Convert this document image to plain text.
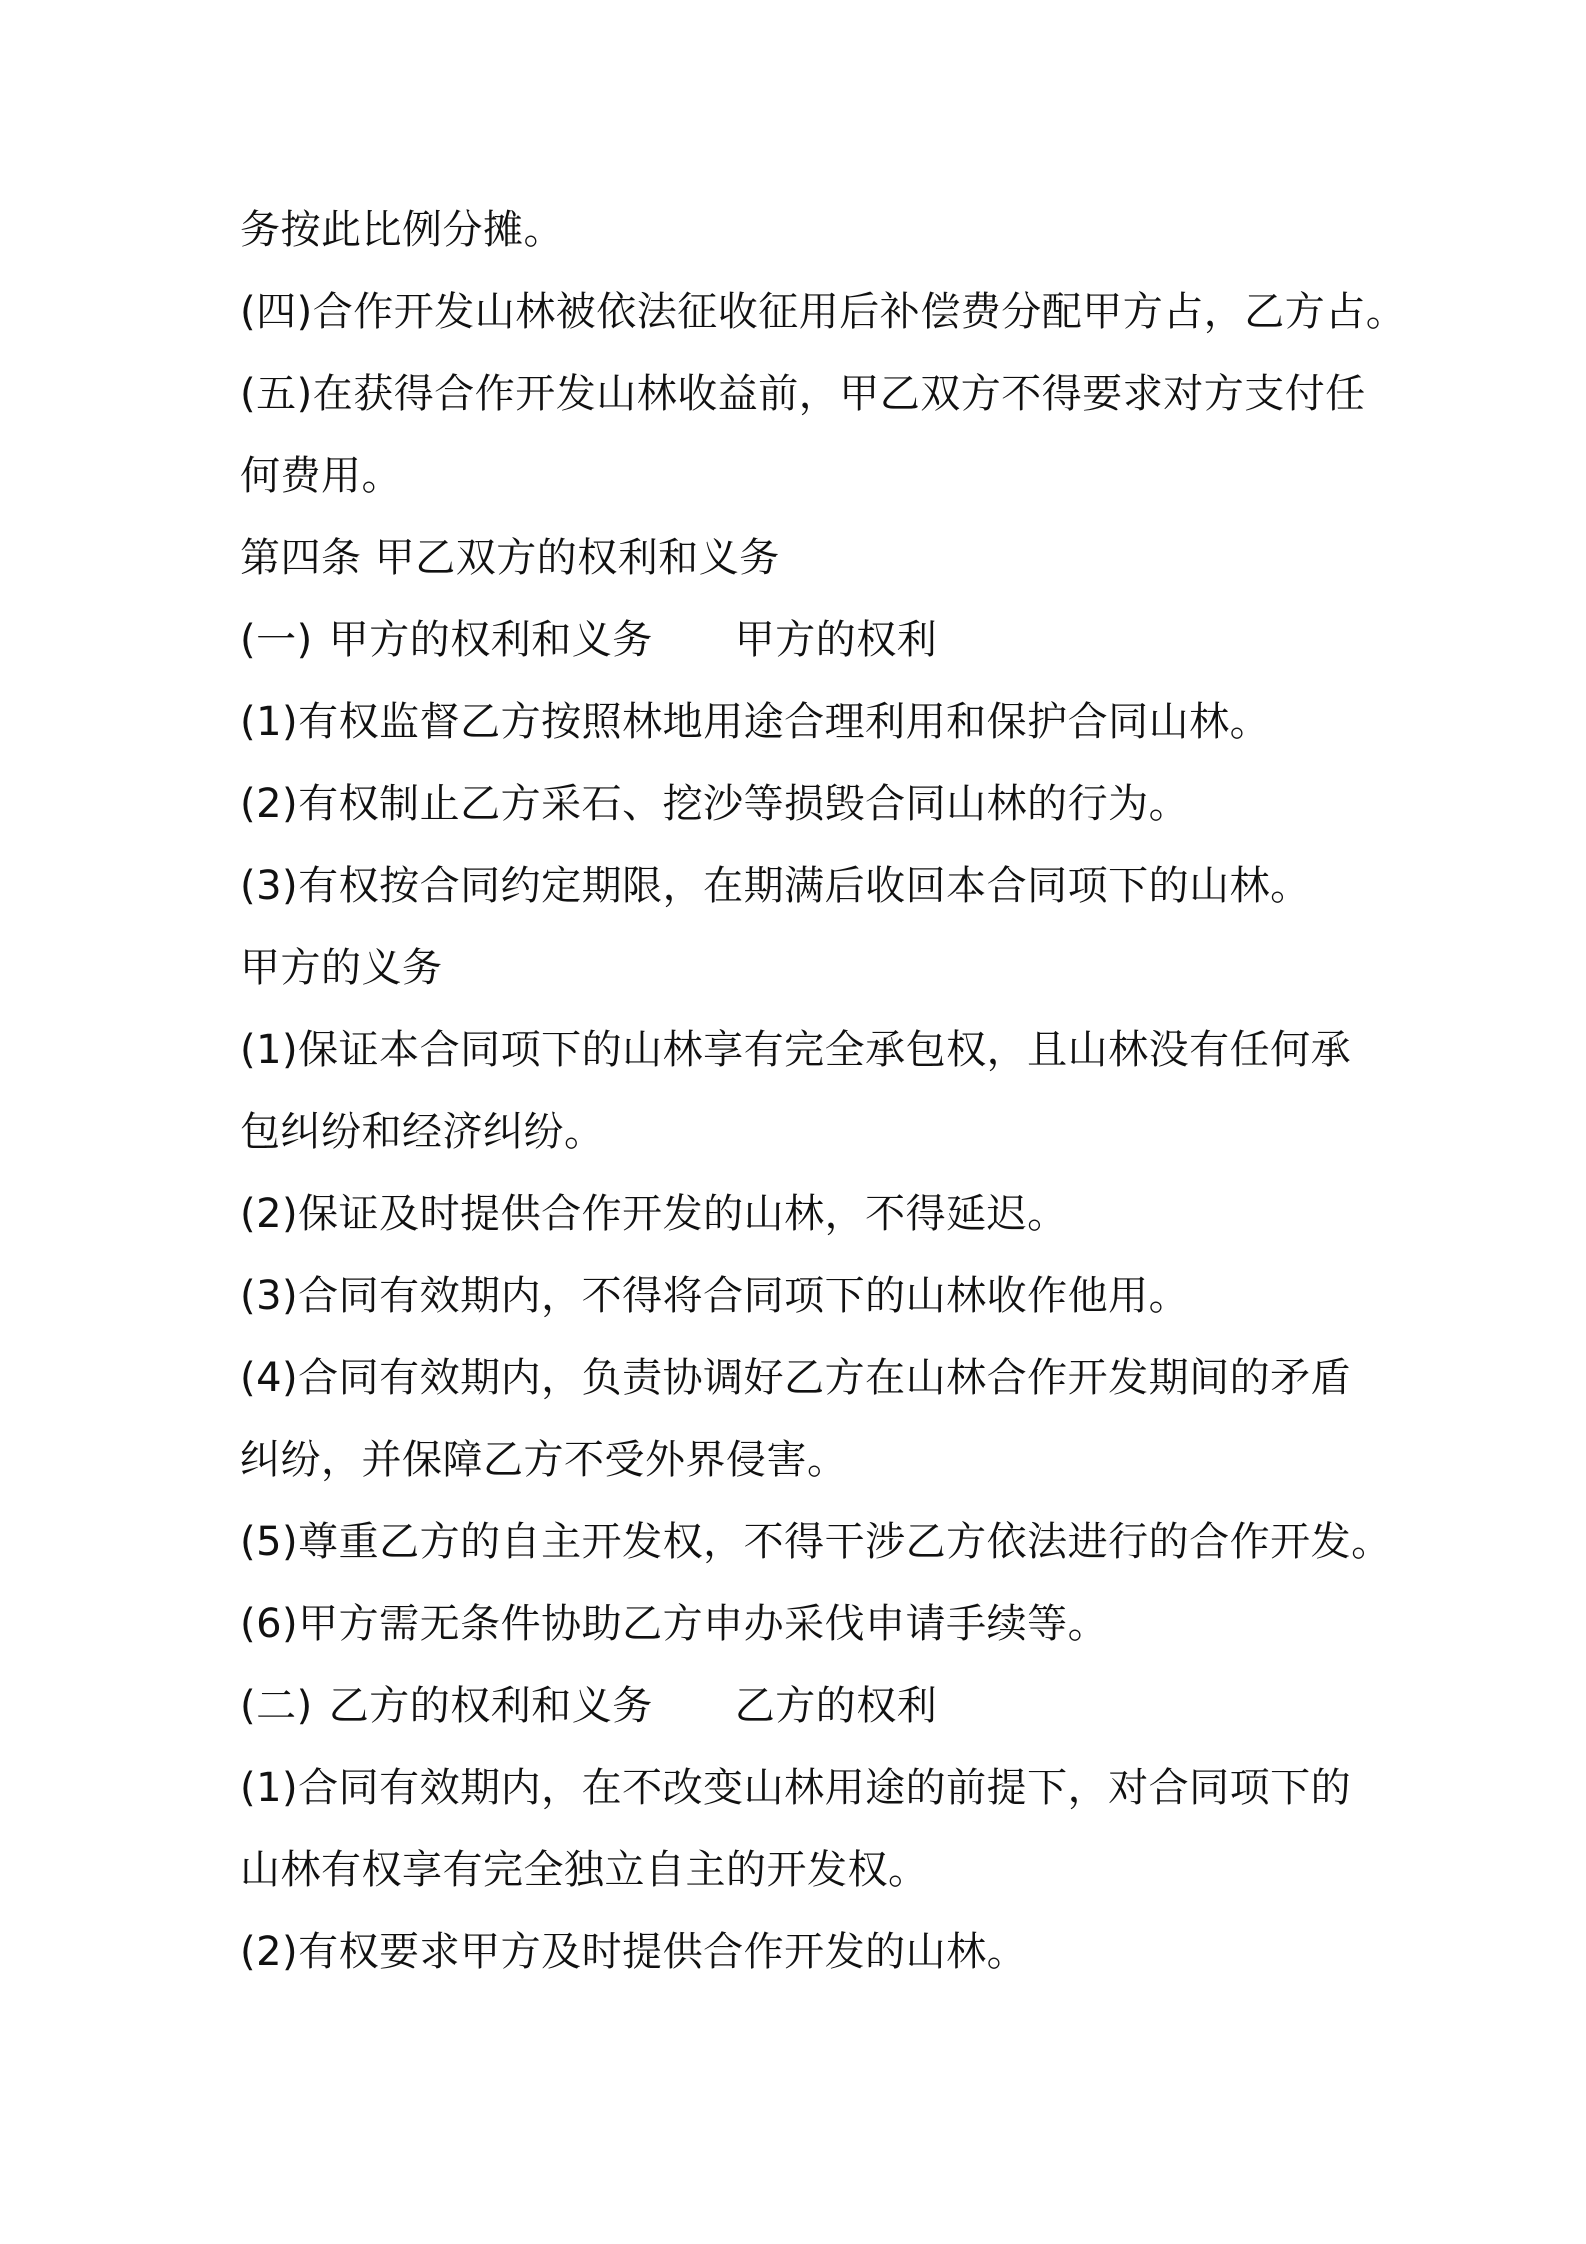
务按此比例分摊。
(四)合作开发山林被依法征收征用后补偿费分配甲方占，乙方占。
(五)在获得合作开发山林收益前，甲乙双方不得要求对方支付任
何费用。
第四条 甲乙双方的权利和义务
(一) 甲方的权利和义务 甲方的权利
(1)有权监督乙方按照林地用途合理利用和保护合同山林。
(2)有权制止乙方采石、挖沙等损毁合同山林的行为。
(3)有权按合同约定期限，在期满后收回本合同项下的山林。
甲方的义务
(1)保证本合同项下的山林享有完全承包权，且山林没有任何承
包纠纷和经济纠纷。
(2)保证及时提供合作开发的山林，不得延迟。
(3)合同有效期内，不得将合同项下的山林收作他用。
(4)合同有效期内，负责协调好乙方在山林合作开发期间的矛盾
纠纷，并保障乙方不受外界侵害。
(5)尊重乙方的自主开发权，不得干涉乙方依法进行的合作开发。
(6)甲方需无条件协助乙方申办采伐申请手续等。
(二) 乙方的权利和义务 乙方的权利
(1)合同有效期内，在不改变山林用途的前提下，对合同项下的
山林有权享有完全独立自主的开发权。
(2)有权要求甲方及时提供合作开发的山林。
